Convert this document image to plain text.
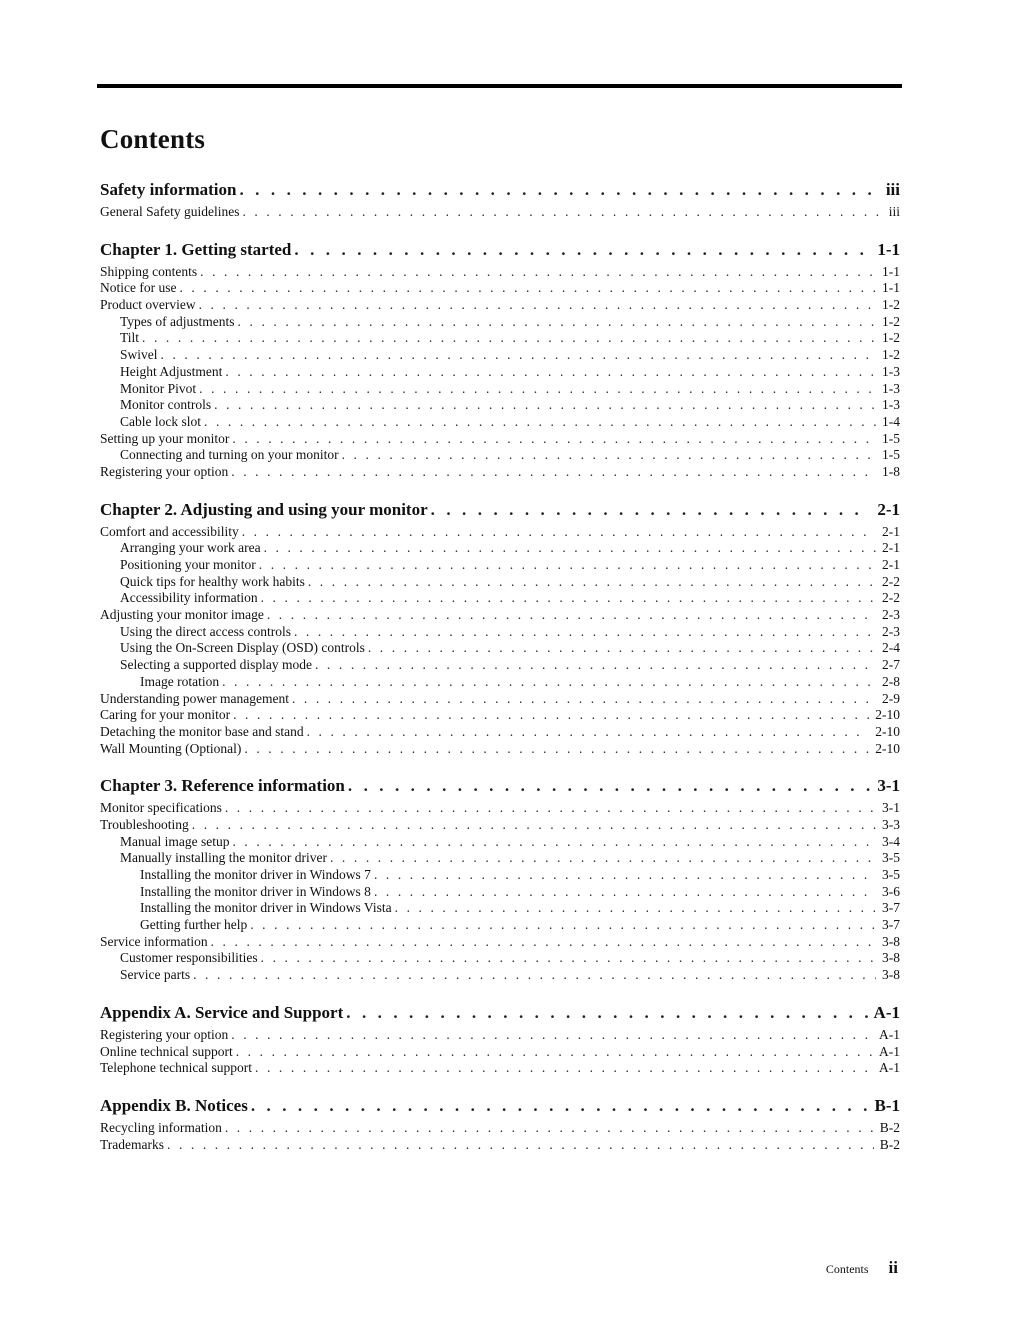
Contents
Safety information . . .	iii
General Safety guidelines . . .	iii
Chapter 1. Getting started . . .	1-1
Shipping contents . . .	1-1
Notice for use . . .	1-1
Product overview . . .	1-2
Types of adjustments . . .	1-2
Tilt . . .	1-2
Swivel . . .	1-2
Height Adjustment . . .	1-3
Monitor Pivot . . .	1-3
Monitor controls . . .	1-3
Cable lock slot . . .	1-4
Setting up your monitor . . .	1-5
Connecting and turning on your monitor . . .	1-5
Registering your option . . .	1-8
Chapter 2. Adjusting and using your monitor . . .	2-1
Comfort and accessibility . . .	2-1
Arranging your work area . . .	2-1
Positioning your monitor . . .	2-1
Quick tips for healthy work habits . . .	2-2
Accessibility information . . .	2-2
Adjusting your monitor image . . .	2-3
Using the direct access controls . . .	2-3
Using the On-Screen Display (OSD) controls . . .	2-4
Selecting a supported display mode . . .	2-7
Image rotation . . .	2-8
Understanding power management . . .	2-9
Caring for your monitor . . .	2-10
Detaching the monitor base and stand . . .	2-10
Wall Mounting (Optional) . . .	2-10
Chapter 3. Reference information . . .	3-1
Monitor specifications . . .	3-1
Troubleshooting . . .	3-3
Manual image setup . . .	3-4
Manually installing the monitor driver . . .	3-5
Installing the monitor driver in Windows 7 . . .	3-5
Installing the monitor driver in Windows 8 . . .	3-6
Installing the monitor driver in Windows Vista . . .	3-7
Getting further help . . .	3-7
Service information . . .	3-8
Customer responsibilities . . .	3-8
Service parts . . .	3-8
Appendix A. Service and Support . . .	A-1
Registering your option . . .	A-1
Online technical support . . .	A-1
Telephone technical support . . .	A-1
Appendix B. Notices . . .	B-1
Recycling information . . .	B-2
Trademarks . . .	B-2
Contents ii
